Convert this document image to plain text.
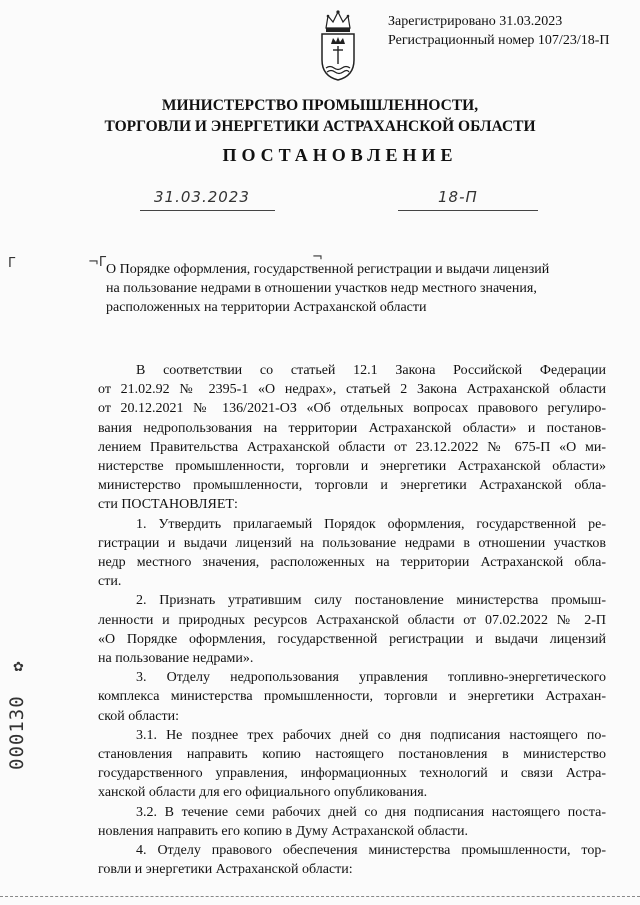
Зарегистрировано 31.03.2023
Регистрационный номер 107/23/18-П
МИНИСТЕРСТВО ПРОМЫШЛЕННОСТИ,
ТОРГОВЛИ И ЭНЕРГЕТИКИ АСТРАХАНСКОЙ ОБЛАСТИ
ПОСТАНОВЛЕНИЕ
31.03.2023	18-П
Γ	¬Γ	¬
О Порядке оформления, государственной регистрации и выдачи лицензий
на пользование недрами в отношении участков недр местного значения,
расположенных на территории Астраханской области
В соответствии со статьей 12.1 Закона Российской Федерации
от 21.02.92 № 2395-1 «О недрах», статьей 2 Закона Астраханской области
от 20.12.2021 № 136/2021-ОЗ «Об отдельных вопросах правового регулиро-
вания недропользования на территории Астраханской области» и постанов-
лением Правительства Астраханской области от 23.12.2022 № 675-П «О ми-
нистерстве промышленности, торговли и энергетики Астраханской области»
министерство промышленности, торговли и энергетики Астраханской обла-
сти ПОСТАНОВЛЯЕТ:
1. Утвердить прилагаемый Порядок оформления, государственной ре-
гистрации и выдачи лицензий на пользование недрами в отношении участков
недр местного значения, расположенных на территории Астраханской обла-
сти.
2. Признать утратившим силу постановление министерства промыш-
ленности и природных ресурсов Астраханской области от 07.02.2022 № 2-П
«О Порядке оформления, государственной регистрации и выдачи лицензий
на пользование недрами».
3. Отделу недропользования управления топливно-энергетического
комплекса министерства промышленности, торговли и энергетики Астрахан-
ской области:
3.1. Не позднее трех рабочих дней со дня подписания настоящего по-
становления направить копию настоящего постановления в министерство
государственного управления, информационных технологий и связи Астра-
ханской области для его официального опубликования.
3.2. В течение семи рабочих дней со дня подписания настоящего поста-
новления направить его копию в Думу Астраханской области.
4. Отделу правового обеспечения министерства промышленности, тор-
говли и энергетики Астраханской области:
✿
000130
